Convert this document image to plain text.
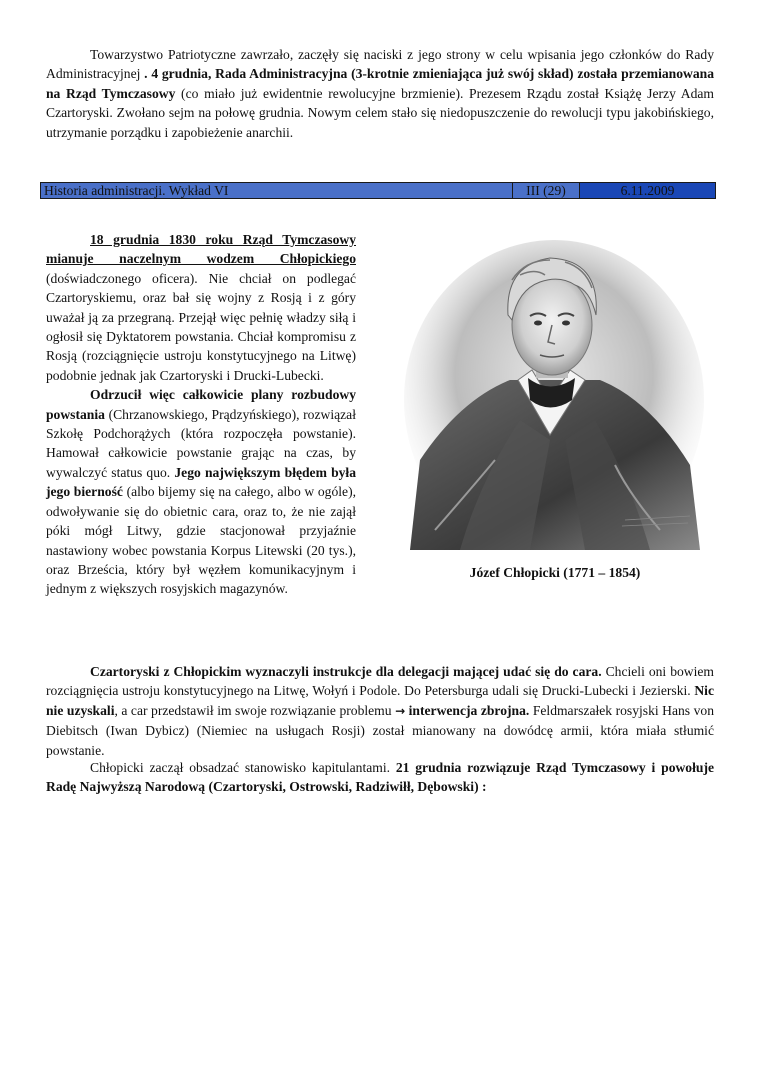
Towarzystwo Patriotyczne zawrzało, zaczęły się naciski z jego strony w celu wpisania jego członków do Rady Administracyjnej . 4 grudnia, Rada Administracyjna (3-krotnie zmieniająca już swój skład) została przemianowana na Rząd Tymczasowy (co miało już ewidentnie rewolucyjne brzmienie). Prezesem Rządu został Książę Jerzy Adam Czartoryski. Zwołano sejm na połowę grudnia. Nowym celem stało się niedopuszczenie do rewolucji typu jakobińskiego, utrzymanie porządku i zapobieżenie anarchii.

Historia administracji. Wykład VI	III (29)	6.11.2009

18 grudnia 1830 roku Rząd Tymczasowy mianuje naczelnym wodzem Chłopickiego (doświadczonego oficera). Nie chciał on podlegać Czartoryskiemu, oraz bał się wojny z Rosją i z góry uważał ją za przegraną. Przejął więc pełnię władzy siłą i ogłosił się Dyktatorem powstania. Chciał kompromisu z Rosją (rozciągnięcie ustroju konstytucyjnego na Litwę) podobnie jednak jak Czartoryski i Drucki-Lubecki.

Odrzucił więc całkowicie plany rozbudowy powstania (Chrzanowskiego, Prądzyńskiego), rozwiązał Szkołę Podchorążych (która rozpoczęła powstanie). Hamował całkowicie powstanie grając na czas, by wywalczyć status quo. Jego największym błędem była jego bierność (albo bijemy się na całego, albo w ogóle), odwoływanie się do obietnic cara, oraz to, że nie zajął póki mógł Litwy, gdzie stacjonował przyjaźnie nastawiony wobec powstania Korpus Litewski (20 tys.), oraz Brześcia, który był węzłem komunikacyjnym i jednym z większych rosyjskich magazynów.

Józef Chłopicki (1771 – 1854)

Czartoryski z Chłopickim wyznaczyli instrukcje dla delegacji mającej udać się do cara. Chcieli oni bowiem rozciągnięcia ustroju konstytucyjnego na Litwę, Wołyń i Podole. Do Petersburga udali się Drucki-Lubecki i Jezierski. Nic nie uzyskali, a car przedstawił im swoje rozwiązanie problemu → interwencja zbrojna. Feldmarszałek rosyjski Hans von Diebitsch (Iwan Dybicz) (Niemiec na usługach Rosji) został mianowany na dowódcę armii, która miała stłumić powstanie.

Chłopicki zaczął obsadzać stanowisko kapitulantami. 21 grudnia rozwiązuje Rząd Tymczasowy i powołuje Radę Najwyższą Narodową (Czartoryski, Ostrowski, Radziwiłł, Dębowski) :
